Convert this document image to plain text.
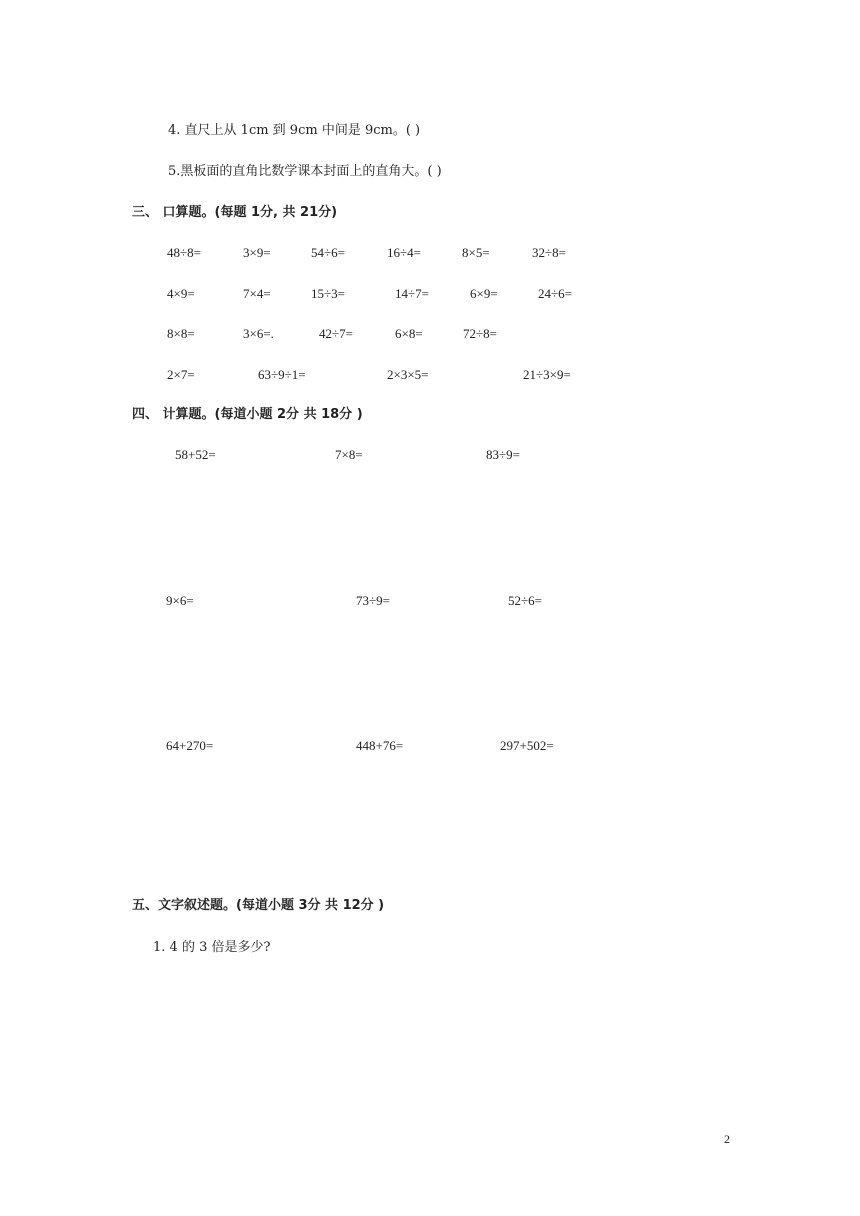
4. 直尺上从 1cm 到 9cm 中间是 9cm。( )
5.黑板面的直角比数学课本封面上的直角大。( )
三、 口算题。(每题 1分, 共 21分)
48÷8=	3×9=	54÷6=	16÷4=	8×5=	32÷8=
4×9=	7×4=	15÷3=	14÷7=	6×9=	24÷6=
8×8=	3×6=.	42÷7=	6×8=	72÷8=
2×7=	63÷9÷1=	2×3×5=	21÷3×9=
四、 计算题。(每道小题 2分 共 18分 )
58+52=	7×8=	83÷9=
9×6=	73÷9=	52÷6=
64+270=	448+76=	297+502=
五、文字叙述题。(每道小题 3分 共 12分 )
1. 4 的 3 倍是多少?
2
